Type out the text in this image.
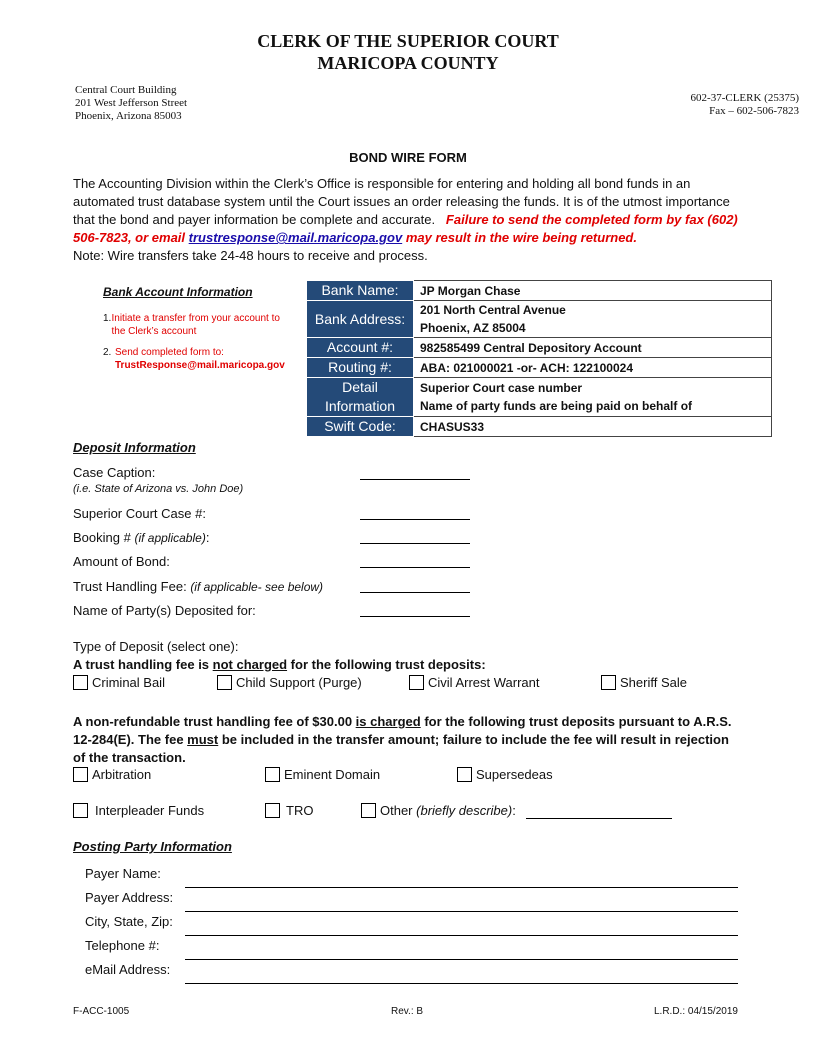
CLERK OF THE SUPERIOR COURT
MARICOPA COUNTY
Central Court Building
201 West Jefferson Street
Phoenix, Arizona 85003
602-37-CLERK (25375)
Fax – 602-506-7823
BOND WIRE FORM
The Accounting Division within the Clerk’s Office is responsible for entering and holding all bond funds in an automated trust database system until the Court issues an order releasing the funds. It is of the utmost importance that the bond and payer information be complete and accurate. Failure to send the completed form by fax (602) 506-7823, or email trustresponse@mail.maricopa.gov may result in the wire being returned.
Note: Wire transfers take 24-48 hours to receive and process.
Bank Account Information
1. Initiate a transfer from your account to the Clerk’s account
2. Send completed form to:
TrustResponse@mail.maricopa.gov
Bank Name:	JP Morgan Chase

Bank Address:	201 North Central Avenue
Phoenix, AZ 85004

Account #:	982585499 Central Depository Account

Routing #:	ABA: 021000021 -or- ACH: 122100024

Detail Information	Superior Court case number
Name of party funds are being paid on behalf of

Swift Code:	CHASUS33
Deposit Information
Case Caption:
(i.e. State of Arizona vs. John Doe)
Superior Court Case #:
Booking # (if applicable):
Amount of Bond:
Trust Handling Fee: (if applicable- see below)
Name of Party(s) Deposited for:
Type of Deposit (select one):
A trust handling fee is not charged for the following trust deposits:
Criminal Bail	Child Support (Purge)	Civil Arrest Warrant	Sheriff Sale
A non-refundable trust handling fee of $30.00 is charged for the following trust deposits pursuant to A.R.S. 12-284(E). The fee must be included in the transfer amount; failure to include the fee will result in rejection of the transaction.
Arbitration	Eminent Domain	Supersedeas
Interpleader Funds	TRO	Other (briefly describe):
Posting Party Information
Payer Name:
Payer Address:
City, State, Zip:
Telephone #:
eMail Address:
F-ACC-1005	Rev.: B	L.R.D.: 04/15/2019
